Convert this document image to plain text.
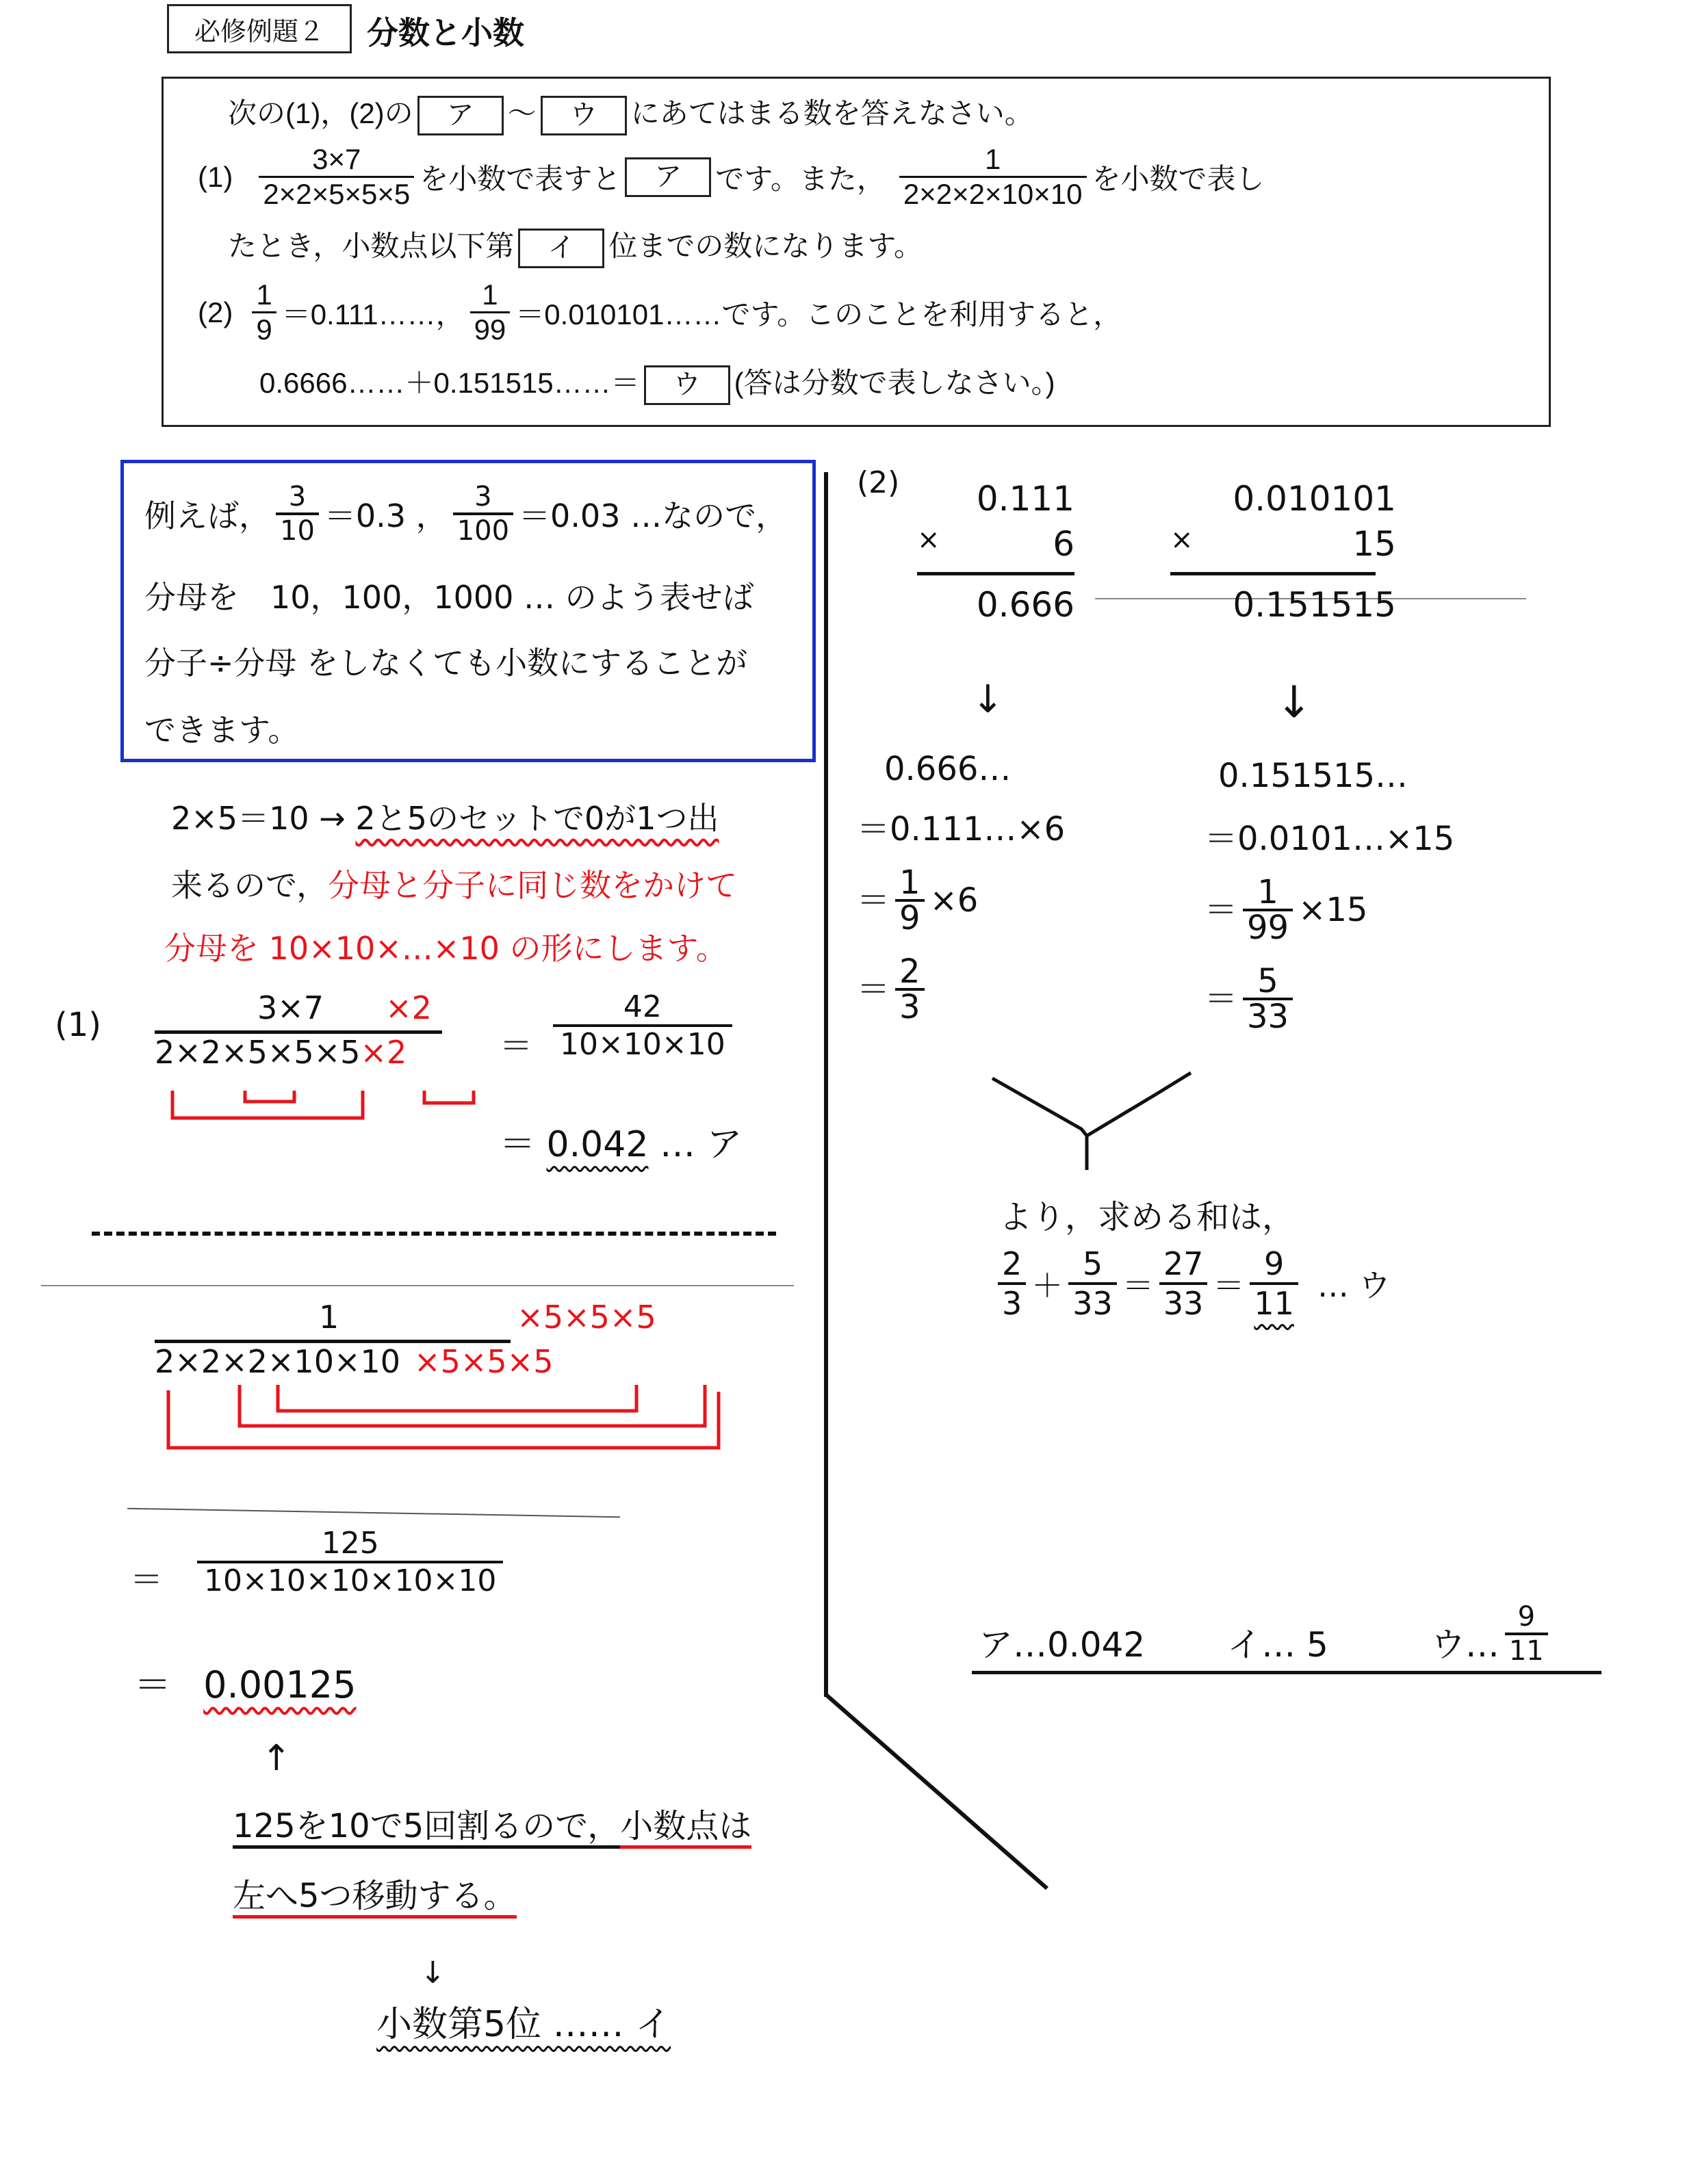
必修例題２ 分数と小数
次の(1)，(2)の ア ～ ウ にあてはまる数を答えなさい。
$(1) \frac{3\times 7}{2\times 2\times 5\times 5\times 5}$ を小数で表すと	ア	です。また， $\frac{1}{2\times 2\times 2\times 10\times 10}$ を小数で表し
たとき，小数点以下第 イ 位までの数になります。
$(2) \frac{1}{9}$ ＝0.111……， $\frac{1}{99}$ ＝0.010101……です。このことを利用すると，
0.6666……＋0.151515……＝ ウ (答は分数で表しなさい。)
例えば， $\frac{3}{10} =0.3$ ， $\frac{3}{100} =0.03$ …なので，
分母を　10，100，1000 … のよう表せば
分子÷分母 をしなくても小数にすることが
できます。
2×5＝10 → 2と5のセットで0が1つ出
来るので，分母と分子に同じ数をかけて
分母を 10×10×…×10 の形にします。
(1)	3×7 ×2
2×2×5×5×5×2	＝ $\frac{42}{10\times 10\times 10}$
＝ 0.042 … ア
1	×5×5×5
2×2×2×10×10 ×5×5×5
＝ $\frac{125}{10\times 10\times 10\times 10\times 10}$
＝ 0.00125
↑
125を10で5回割るので，小数点は
左へ5つ移動する。
↓
小数第5位 …… イ
(2)	0.111
×	6
0.666
0.010101
×	15
0.151515
↓	↓
0.666…
＝0.111…×6
＝ $\frac{1}{9} \times 6$
＝ $\frac{2}{3}$
0.151515…
＝0.0101…×15
＝ $\frac{1}{99} \times 15$
＝ $\frac{5}{33}$
より，求める和は，
$\frac{2}{3} + \frac{5}{33} = \frac{27}{33} = \frac{9}{11}$ … ウ
ア…0.042 イ… 5	ウ… $\frac{9}{11}$
